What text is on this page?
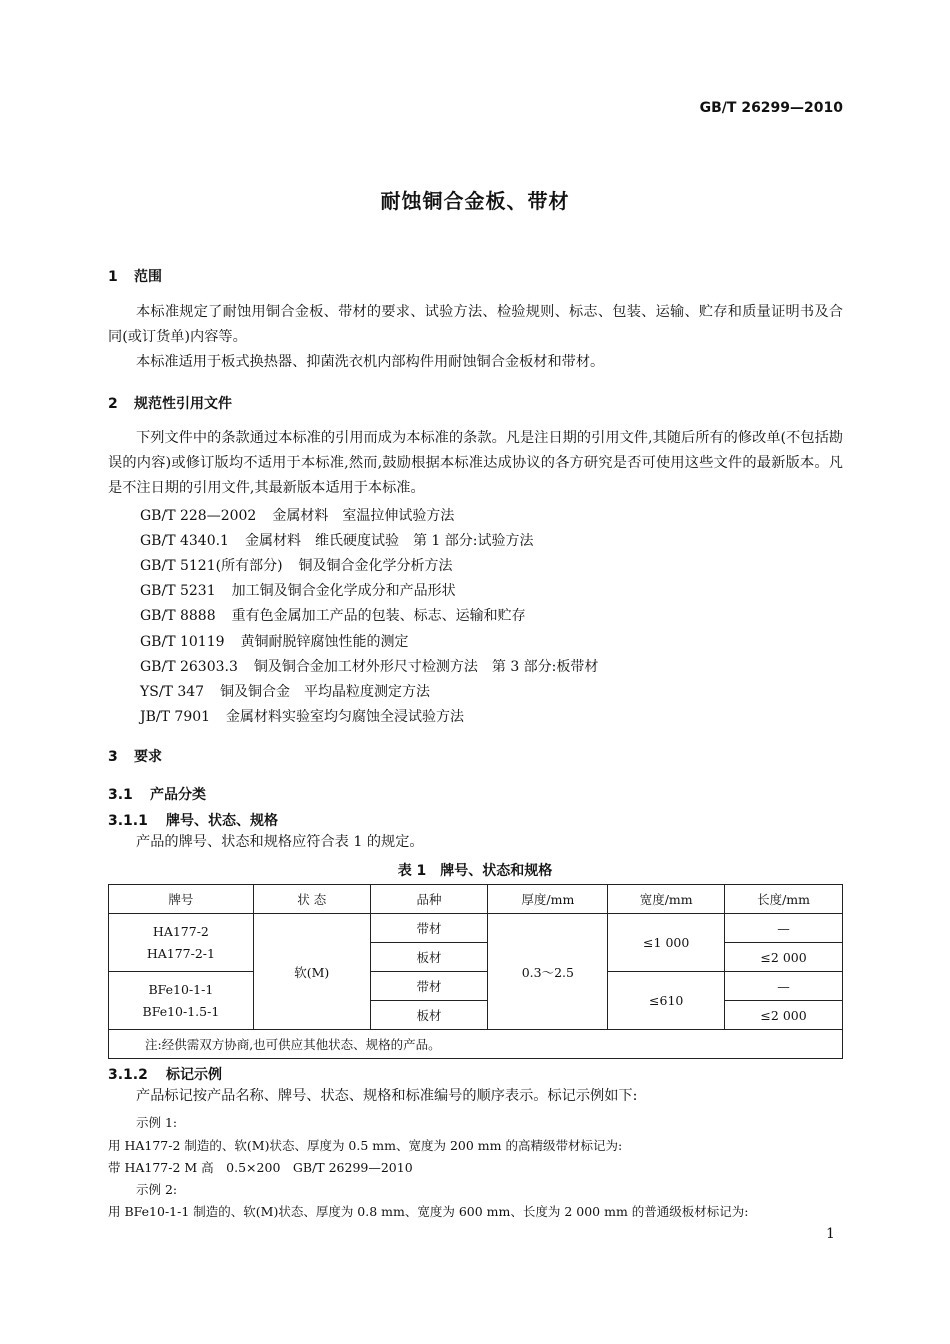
GB/T 26299—2010
耐蚀铜合金板、带材
1 范围
本标准规定了耐蚀用铜合金板、带材的要求、试验方法、检验规则、标志、包装、运输、贮存和质量证明书及合同(或订货单)内容等。
本标准适用于板式换热器、抑菌洗衣机内部构件用耐蚀铜合金板材和带材。
2 规范性引用文件
下列文件中的条款通过本标准的引用而成为本标准的条款。凡是注日期的引用文件,其随后所有的修改单(不包括勘误的内容)或修订版均不适用于本标准,然而,鼓励根据本标准达成协议的各方研究是否可使用这些文件的最新版本。凡是不注日期的引用文件,其最新版本适用于本标准。
GB/T 228—2002 金属材料　室温拉伸试验方法
GB/T 4340.1 金属材料　维氏硬度试验　第 1 部分:试验方法
GB/T 5121(所有部分) 铜及铜合金化学分析方法
GB/T 5231 加工铜及铜合金化学成分和产品形状
GB/T 8888 重有色金属加工产品的包装、标志、运输和贮存
GB/T 10119 黄铜耐脱锌腐蚀性能的测定
GB/T 26303.3 铜及铜合金加工材外形尺寸检测方法　第 3 部分:板带材
YS/T 347 铜及铜合金　平均晶粒度测定方法
JB/T 7901 金属材料实验室均匀腐蚀全浸试验方法
3 要求
3.1 产品分类
3.1.1 牌号、状态、规格
产品的牌号、状态和规格应符合表 1 的规定。
表 1　牌号、状态和规格
牌号	状 态	品种	厚度/mm	宽度/mm	长度/mm

HA177-2
HA177-2-1	软(M)	带材	0.3～2.5	≤1 000	—
		板材			≤2 000

BFe10-1-1
BFe10-1.5-1		带材		≤610	—
		板材			≤2 000
注:经供需双方协商,也可供应其他状态、规格的产品。					
3.1.2 标记示例
产品标记按产品名称、牌号、状态、规格和标准编号的顺序表示。标记示例如下:
示例 1:
用 HA177-2 制造的、软(M)状态、厚度为 0.5 mm、宽度为 200 mm 的高精级带材标记为:
带 HA177-2 M 高　0.5×200　GB/T 26299—2010
示例 2:
用 BFe10-1-1 制造的、软(M)状态、厚度为 0.8 mm、宽度为 600 mm、长度为 2 000 mm 的普通级板材标记为:
1
